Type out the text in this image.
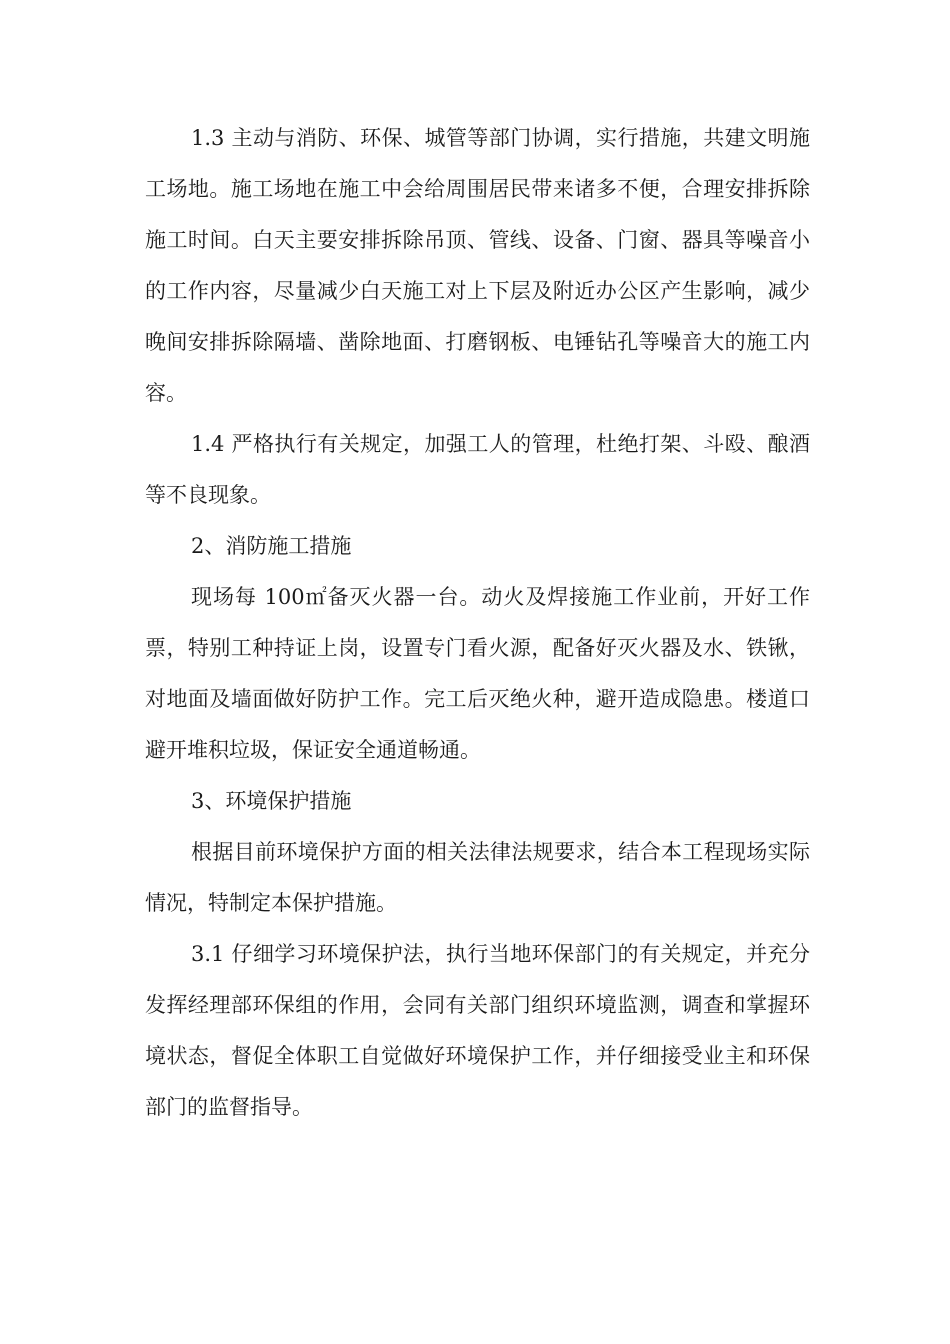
1.3 主动与消防、环保、城管等部门协调，实行措施，共建文明施工场地。施工场地在施工中会给周围居民带来诸多不便，合理安排拆除施工时间。白天主要安排拆除吊顶、管线、设备、门窗、器具等噪音小的工作内容，尽量减少白天施工对上下层及附近办公区产生影响，减少晚间安排拆除隔墙、凿除地面、打磨钢板、电锤钻孔等噪音大的施工内容。

1.4 严格执行有关规定，加强工人的管理，杜绝打架、斗殴、酿酒等不良现象。

2、消防施工措施

现场每 100㎡备灭火器一台。动火及焊接施工作业前，开好工作票，特别工种持证上岗，设置专门看火源，配备好灭火器及水、铁锹，对地面及墙面做好防护工作。完工后灭绝火种，避开造成隐患。楼道口避开堆积垃圾，保证安全通道畅通。

3、环境保护措施

根据目前环境保护方面的相关法律法规要求，结合本工程现场实际情况，特制定本保护措施。

3.1 仔细学习环境保护法，执行当地环保部门的有关规定，并充分发挥经理部环保组的作用，会同有关部门组织环境监测，调查和掌握环境状态，督促全体职工自觉做好环境保护工作，并仔细接受业主和环保部门的监督指导。
